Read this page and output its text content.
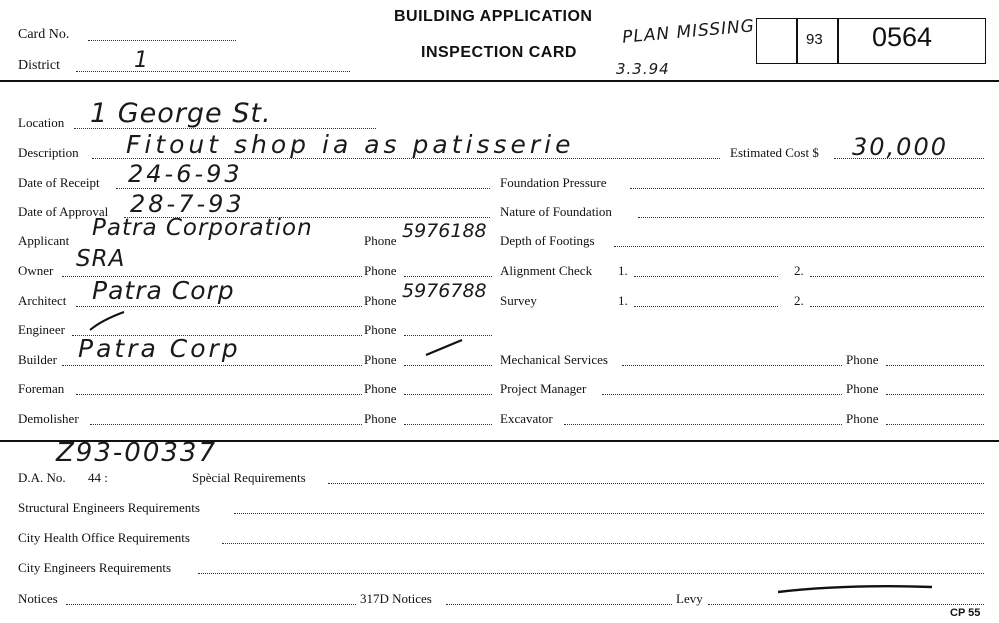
Card No.
District	1
BUILDING APPLICATION
INSPECTION CARD
PLAN MISSING
3.3.94
93 0564
Location 1 George St.
Description Fitout shop ia as patisserie	Estimated Cost $ 30,000
Date of Receipt 24-6-93
Date of Approval 28-7-93
Applicant Patra Corporation	Phone 5976188
Owner SRA	Phone
Architect Patra Corp	Phone 5976788
Engineer	Phone
Builder Patra Corp	Phone
Foreman	Phone
Demolisher	Phone
Foundation Pressure
Nature of Foundation
Depth of Footings
Alignment Check 1.	2.
Survey	1.	2.
Mechanical Services	Phone
Project Manager	Phone
Excavator	Phone
Z93-00337
D.A. No. 44 :	Spècial Requirements
Structural Engineers Requirements
City Health Office Requirements
City Engineers Requirements
Notices	317D Notices	Levy
CP 55
